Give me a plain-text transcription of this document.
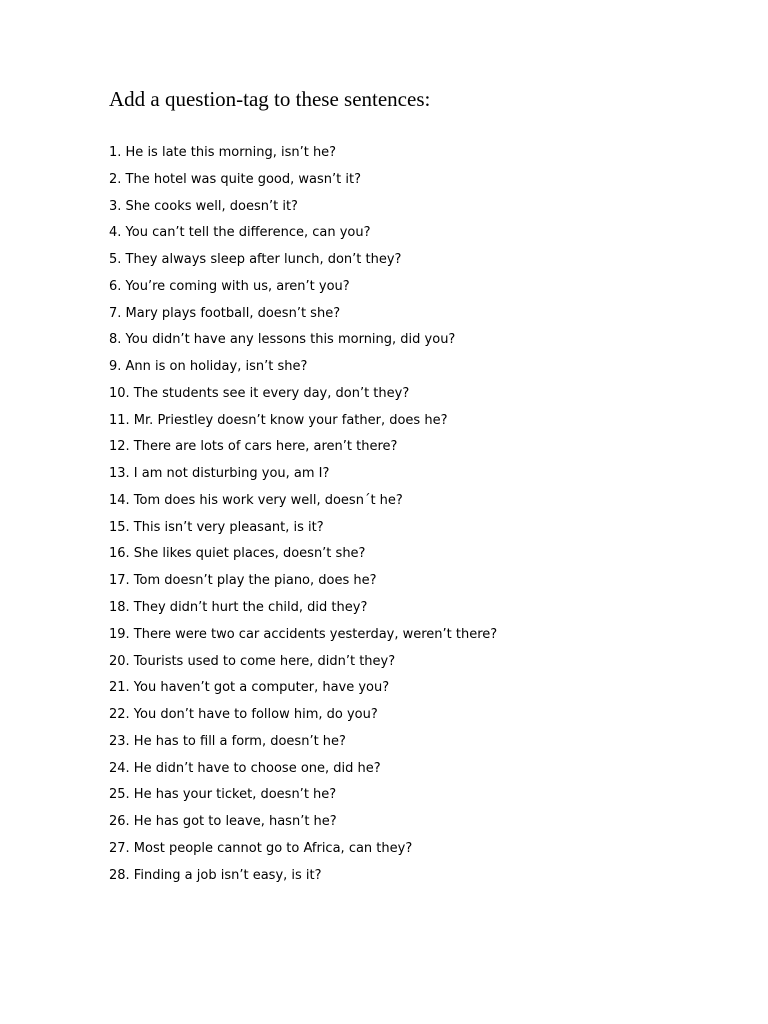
Add a question-tag to these sentences:
1. He is late this morning, isn’t he?
2. The hotel was quite good, wasn’t it?
3. She cooks well, doesn’t it?
4. You can’t tell the difference, can you?
5. They always sleep after lunch, don’t they?
6. You’re coming with us, aren’t you?
7. Mary plays football, doesn’t she?
8. You didn’t have any lessons this morning, did you?
9. Ann is on holiday, isn’t she?
10. The students see it every day, don’t they?
11. Mr. Priestley doesn’t know your father, does he?
12. There are lots of cars here, aren’t there?
13. I am not disturbing you, am I?
14. Tom does his work very well, doesn´t he?
15. This isn’t very pleasant, is it?
16. She likes quiet places, doesn’t she?
17. Tom doesn’t play the piano, does he?
18. They didn’t hurt the child, did they?
19. There were two car accidents yesterday, weren’t there?
20. Tourists used to come here, didn’t they?
21. You haven’t got a computer, have you?
22. You don’t have to follow him, do you?
23. He has to fill a form, doesn’t he?
24. He didn’t have to choose one, did he?
25. He has your ticket, doesn’t he?
26. He has got to leave, hasn’t he?
27. Most people cannot go to Africa, can they?
28. Finding a job isn’t easy, is it?
